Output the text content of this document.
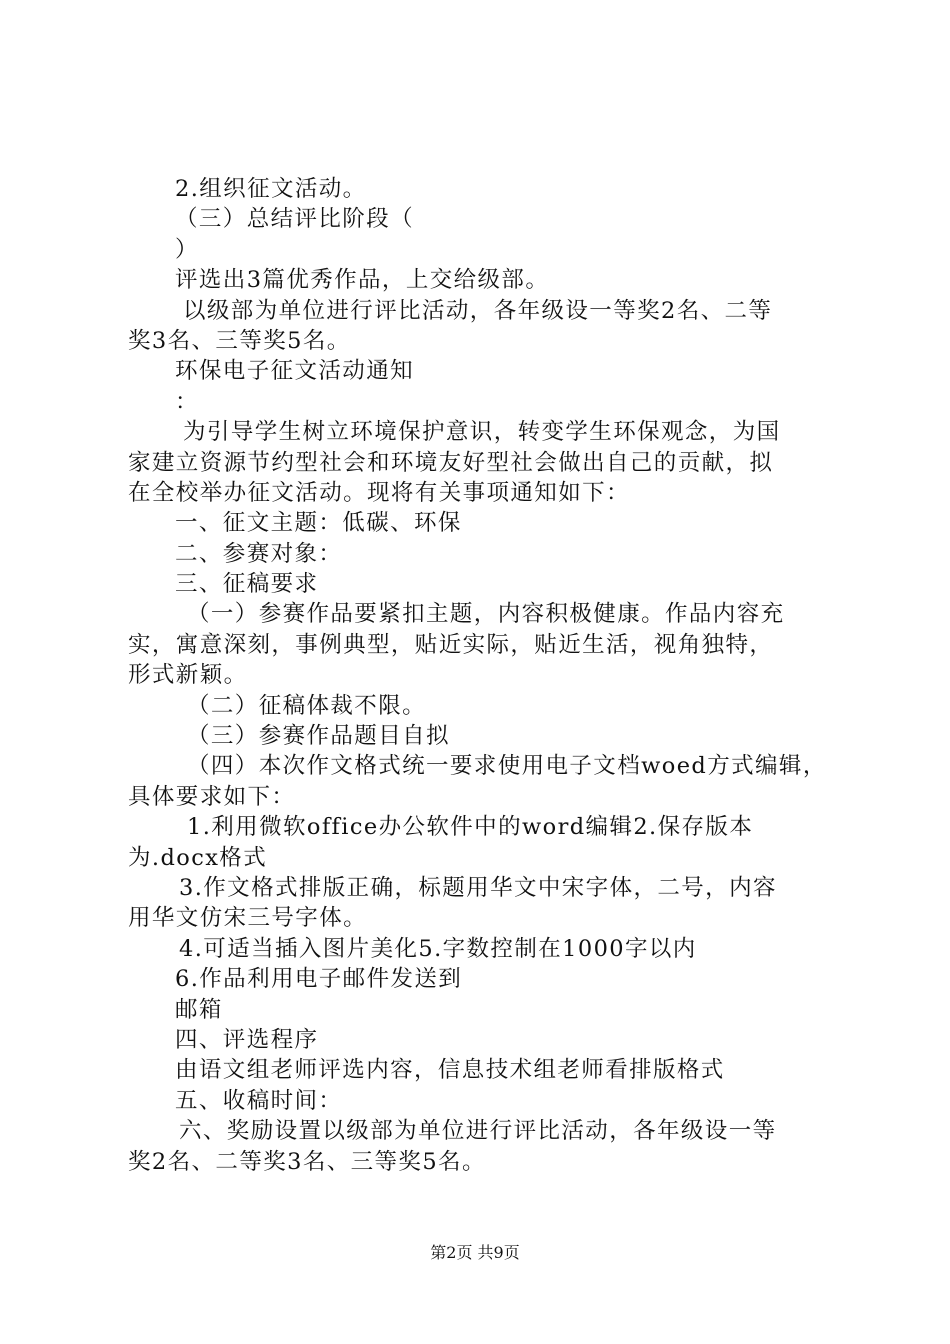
2.组织征文活动。
（三）总结评比阶段（
）
评选出3篇优秀作品，上交给级部。
以级部为单位进行评比活动，各年级设一等奖2名、二等
奖3名、三等奖5名。
环保电子征文活动通知
：
为引导学生树立环境保护意识，转变学生环保观念，为国
家建立资源节约型社会和环境友好型社会做出自己的贡献，拟
在全校举办征文活动。现将有关事项通知如下：
一、征文主题：低碳、环保
二、参赛对象：
三、征稿要求
（一）参赛作品要紧扣主题，内容积极健康。作品内容充
实，寓意深刻，事例典型，贴近实际，贴近生活，视角独特，
形式新颖。
（二）征稿体裁不限。
（三）参赛作品题目自拟
（四）本次作文格式统一要求使用电子文档woed方式编辑，
具体要求如下：
1.利用微软office办公软件中的word编辑2.保存版本
为.docx格式
3.作文格式排版正确，标题用华文中宋字体，二号，内容
用华文仿宋三号字体。
4.可适当插入图片美化5.字数控制在1000字以内
6.作品利用电子邮件发送到
邮箱
四、评选程序
由语文组老师评选内容，信息技术组老师看排版格式
五、收稿时间：
六、奖励设置以级部为单位进行评比活动，各年级设一等
奖2名、二等奖3名、三等奖5名。
第2页 共9页
